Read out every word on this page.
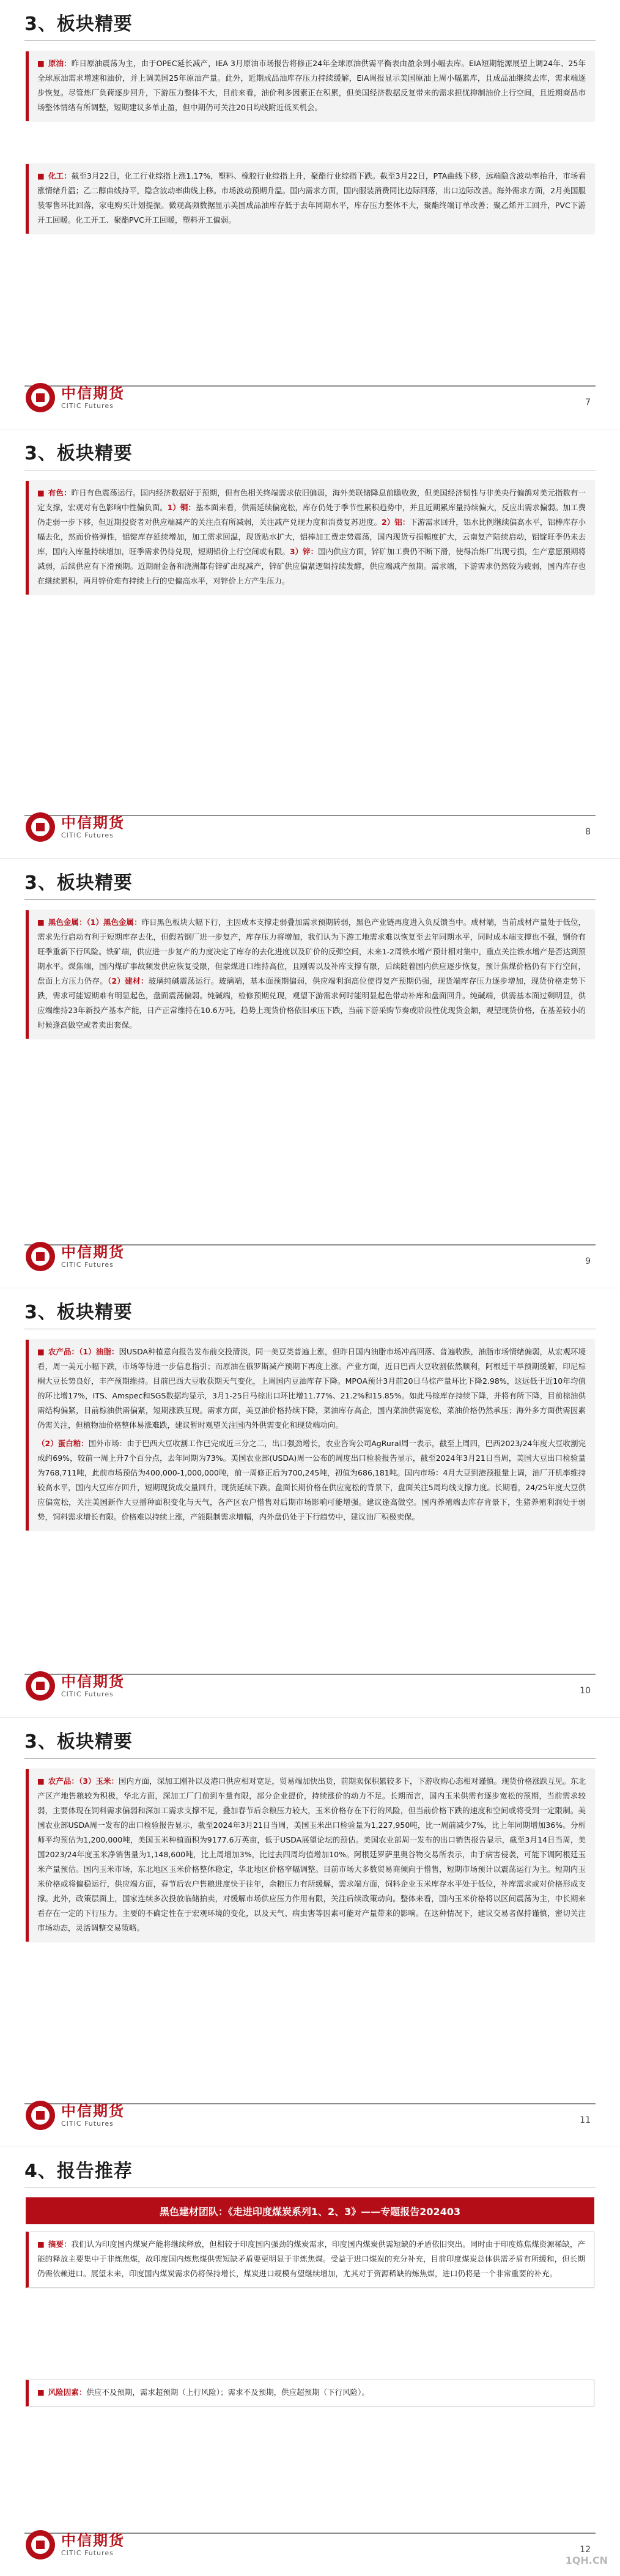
3、板块精要

■ 原油：昨日原油震荡为主，由于OPEC延长减产，IEA 3月原油市场报告将修正24年全球原油供需平衡表由盈余到小幅去库。EIA短期能源展望上调24年、25年全球原油需求增速和油价，并上调美国25年原油产量。此外，近期成品油库存压力持续缓解，EIA周报显示美国原油上周小幅累库，且成品油继续去库，需求端逐步恢复。尽管炼厂负荷逐步回升，下游压力整体不大，目前来看，油价利多因素正在积累，但美国经济数据反复带来的需求担忧抑制油价上行空间，且近期商品市场整体情绪有所调整，短期建议多单止盈，但中期仍可关注20日均线附近低买机会。

■ 化工：截至3月22日，化工行业综指上涨1.17%，塑料、橡胶行业综指上升，聚酯行业综指下跌。截至3月22日，PTA曲线下移，远端隐含波动率抬升，市场看涨情绪升温；乙二醇曲线持平，隐含波动率曲线上移。市场波动预期升温。国内需求方面，国内服装消费同比边际回落，出口边际改善。海外需求方面，2月美国服装零售环比回落，家电购买计划提振。微观高频数据显示美国成品油库存低于去年同期水平，库存压力整体不大，聚酯终端订单改善；聚乙烯开工回升，PVC下游开工回暖。化工开工、聚酯PVC开工回暖，塑料开工偏弱。

中信期货
CITIC Futures	7
3、板块精要

■ 有色：昨日有色震荡运行。国内经济数据好于预期，但有色相关终端需求依旧偏弱，海外美联储降息前瞻收敛，但美国经济韧性与非美央行偏鸽对美元指数有一定支撑，宏观对有色影响中性偏负面。1）铜：基本面来看，供需延续偏宽松，库存仍处于季节性累积趋势中，并且近期累库量持续偏大，反应出需求偏弱。加工费仍走弱一步下移，但近期投资者对供应端减产的关注点有所减弱，关注减产兑现力度和消费复苏进度。2）铝：下游需求回升，铝水比例继续偏高水平，铝棒库存小幅去化，然而价格弹性，铝锭库存延续增加，加工需求回温，现货贴水扩大，铝棒加工费走势震荡，国内现货亏损幅度扩大，云南复产陆续启动，铝锭旺季仍未去库，国内入库量持续增加，旺季需求仍待兑现，短期铝价上行空间或有限。3）锌：国内供应方面，锌矿加工费仍不断下滑，使得冶炼厂出现亏损，生产意愿预期将减弱，后续供应有下滑预期。近期耐金备和浇洲都有锌矿出现减产，锌矿供应偏紧逻辑持续发酵，供应端减产预期。需求端，下游需求仍然较为疲弱，国内库存也在继续累积，两月锌价难有持续上行的史偏高水平，对锌价上方产生压力。

中信期货
CITIC Futures	8
3、板块精要

■ 黑色金属：（1）黑色金属：昨日黑色板块大幅下行，主因成本支撑走弱叠加需求预期转弱，黑色产业链再度进入负反馈当中。成材端，当前成材产量处于低位，需求先行启动有利于短期库存去化，但假若钢厂进一步复产，库存压力将增加，我们认为下游工地需求难以恢复至去年同期水平，同时成本端支撑也不强，钢价有旺季重新下行风险。铁矿端，供应进一步复产的力度决定了库存的去化进度以及矿价的反弹空间，未来1-2周铁水增产预计相对集中，重点关注铁水增产是否达到预期水平。煤焦端，国内煤矿事故频发供应恢复受限，但蒙煤进口维持高位，且刚需以及补库支撑有限，后续随着国内供应逐步恢复，预计焦煤价格仍有下行空间，盘面上方压力仍存。（2）建材：玻璃纯碱震荡运行。玻璃端，基本面预期偏弱，供应端利润高位使得复产预期仍强，现货端库存压力逐步增加，现货价格走势下跌，需求可能短期难有明显起色，盘面震荡偏弱。纯碱端，检修预期兑现，观望下游需求何时能明显起色带动补库和盘面回升。纯碱端，供需基本面过剩明显，供应端维持23年新投产基本产能，日产正常维持在10.6万吨，趋势上现货价格依旧承压下跌，当前下游采购节奏或阶段性优现货金额，观望现货价格，在基差较小的时候逢高做空或者卖出套保。

中信期货
CITIC Futures	9
3、板块精要

■ 农产品：（1）油脂：因USDA种植意向报告发布前交投清淡，同一美豆类普遍上涨，但昨日国内油脂市场冲高回落、普遍收跌，油脂市场情绪偏弱，从宏观环境看，周一美元小幅下跌，市场等待进一步信息指引；而原油在俄罗斯减产预期下再度上涨。产业方面，近日巴西大豆收割依然顺利，阿根廷干旱预期缓解，印尼棕榈大豆长势良好，丰产预期维持。目前巴西大豆收获期天气变化，上周国内豆油库存下降。MPOA预计3月前20日马棕产量环比下降2.98%，这远低于近10年均值的环比增17%，ITS、Amspec和SGS数据均显示，3月1-25日马棕出口环比增11.77%、21.2%和15.85%。如此马棕库存持续下降，并将有所下降，目前棕油供需结构偏紧，目前棕油供需偏紧，短期涨跌互现。需求方面，美豆油价格持续下降，菜油库存高企，国内菜油供需宽松，菜油价格仍然承压；海外多方面供需因素仍需关注，但植物油价格整体易涨难跌，建议暂时观望关注国内外供需变化和现货端动向。

（2）蛋白粕：国外市场：由于巴西大豆收割工作已完成近三分之二，出口强劲增长，农业咨询公司AgRural周一表示，截至上周四，巴西2023/24年度大豆收割完成约69%，较前一周上升7个百分点，去年同期为73%。美国农业部(USDA)周一公布的周度出口检验报告显示，截至2024年3月21日当周，美国大豆出口检验量为768,711吨，此前市场预估为400,000-1,000,000吨，前一周修正后为700,245吨，初值为686,181吨。国内市场：4月大豆到港预报量上调，油厂开机率维持较高水平，国内大豆库存回升，短期现货成交量回升，现货延续下跌。盘面长期价格在供应宽松的背景下，盘面关注5周均线支撑力度。长期看，24/25年度大豆供应偏宽松，关注美国新作大豆播种面积变化与天气，各产区农户惜售对后期市场影响可能增强。建议逢高做空。国内养殖端去库存背景下，生猪养殖利润处于弱势，饲料需求增长有限。价格难以持续上涨，产能限制需求增幅，内外盘仍处于下行趋势中，建议油厂积极卖保。

中信期货
CITIC Futures	10
3、板块精要

■ 农产品：（3）玉米：国内方面，深加工刚补以及港口供应相对宽足，贸易端加快出货，前期卖保积累较多下，下游收购心态相对谨慎。现货价格涨跌互见。东北产区产地售粮较为积极，华北方面，深加工厂门前到车量有限，部分企业提价，持续涨价的动力不足。长期而言，国内玉米供需有逐步宽松的预期，当前需求较弱，主要体现在饲料需求偏弱和深加工需求支撑不足，叠加春节后余粮压力较大，玉米价格存在下行的风险，但当前价格下跌的速度和空间或将受到一定限制。美国农业部USDA周一发布的出口检验报告显示，截至2024年3月21日当周，美国玉米出口检验量为1,227,950吨，比一周前减少7%，比上年同期增加36%。分析师平均预估为1,200,000吨，美国玉米种植面积为9177.6万英亩，低于USDA展望论坛的预估。美国农业部周一发布的出口销售报告显示，截至3月14日当周，美国2023/24年度玉米净销售量为1,148,600吨，比上周增加3%，比过去四周均值增加10%。阿根廷罗萨里奥谷物交易所表示，由于病害侵袭，可能下调阿根廷玉米产量预估。国内玉米市场，东北地区玉米价格整体稳定，华北地区价格窄幅调整。目前市场大多数贸易商倾向于惜售，短期市场预计以震荡运行为主。短期内玉米价格或将偏稳运行，供应端方面，春节后农户售粮进度快于往年，余粮压力有所缓解，需求端方面，饲料企业玉米库存水平处于低位，补库需求或对价格形成支撑。此外，政策层面上，国家连续多次投放临储拍卖，对缓解市场供应压力作用有限，关注后续政策动向。整体来看，国内玉米价格将以区间震荡为主，中长期来看存在一定的下行压力。主要的不确定性在于宏观环境的变化，以及天气、病虫害等因素可能对产量带来的影响。在这种情况下，建议交易者保持谨慎，密切关注市场动态，灵活调整交易策略。

中信期货
CITIC Futures	11
4、报告推荐
黑色建材团队：《走进印度煤炭系列1、2、3》——专题报告202403

■ 摘要：我们认为印度国内煤炭产能将继续释放，但相较于印度国内强劲的煤炭需求，印度国内煤炭供需短缺的矛盾依旧突出。同时由于印度炼焦煤资源稀缺，产能的释放主要集中于非炼焦煤，故印度国内炼焦煤供需短缺矛盾要更明显于非炼焦煤。受益于进口煤炭的充分补充，目前印度煤炭总体供需矛盾有所缓和，但长期仍需依赖进口。展望未来，印度国内煤炭需求仍将保持增长，煤炭进口规模有望继续增加，尤其对于资源稀缺的炼焦煤，进口仍将是一个非常重要的补充。

■ 风险因素：供应不及预期，需求超预期（上行风险）；需求不及预期，供应超预期（下行风险）。

中信期货
CITIC Futures	12
1QH.CN
